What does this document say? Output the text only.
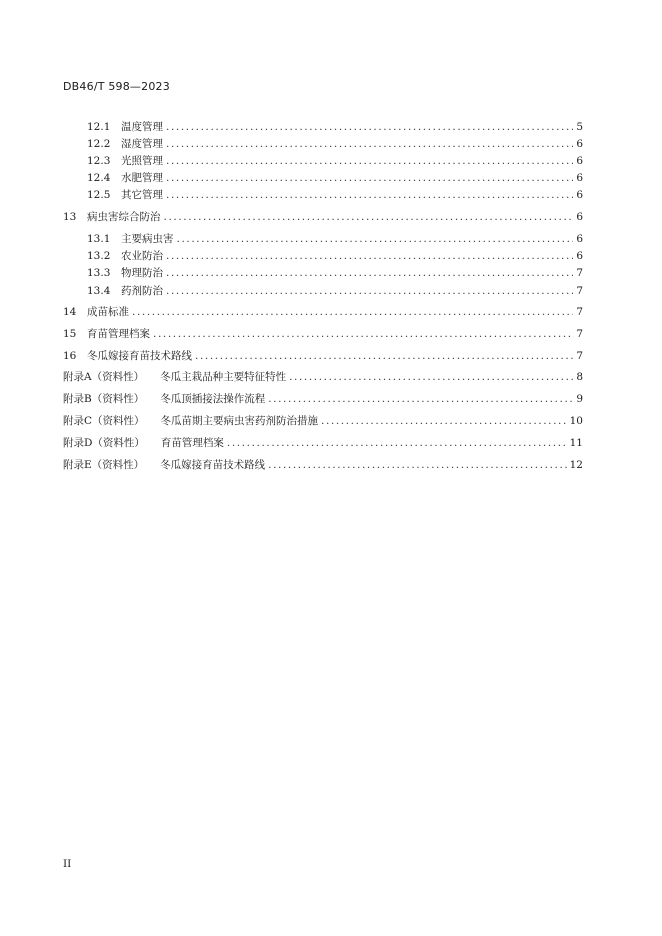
DB46/T 598—2023
12.1	温度管理 .....	5
12.2	湿度管理 .....	6
12.3	光照管理 .....	6
12.4	水肥管理 .....	6
12.5	其它管理 .....	6
13	病虫害综合防治 .....	6
13.1	主要病虫害 .....	6
13.2	农业防治 .....	6
13.3	物理防治 .....	7
13.4	药剂防治 .....	7
14	成苗标准 .....	7
15	育苗管理档案 .....	7
16	冬瓜嫁接育苗技术路线 .....	7
附录A（资料性） 冬瓜主栽品种主要特征特性 .....	8
附录B（资料性） 冬瓜顶插接法操作流程 .....	9
附录C（资料性） 冬瓜苗期主要病虫害药剂防治措施 .....	10
附录D（资料性） 育苗管理档案 .....	11
附录E（资料性） 冬瓜嫁接育苗技术路线 .....	12
II
